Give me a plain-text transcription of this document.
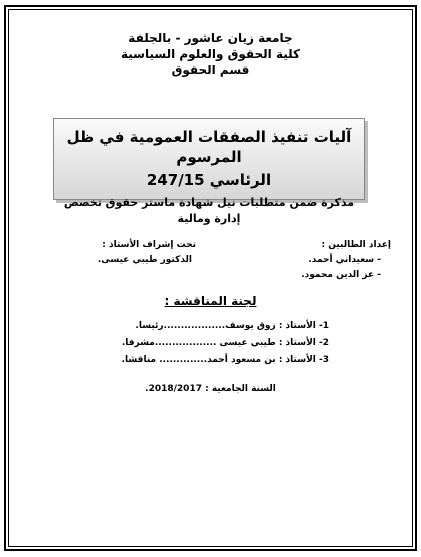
جامعة زيان عاشور - بالجلفة
كلية الحقوق والعلوم السياسية
قسم الحقوق
آليات تنفيذ الصفقات العمومية في ظل المرسوم
الرئاسي 247/15
مذكرة ضمن متطلبات نيل شهادة ماستر حقوق تخصص إدارة ومالية
إعداد الطالبين :
- سعيداني أحمد.
- عز الدين محمود.
تحت إشراف الأستاذ :
الدكتور طيبي عيسى.
لجنة المناقشة :
1- الأستاذ : زوق يوسف..................رئيسا.
2- الأستاذ : طيبي عيسى ..................مشرفا.
3- الأستاذ : بن مسعود أحمد.............. مناقشا.
السنة الجامعية : 2018/2017.
